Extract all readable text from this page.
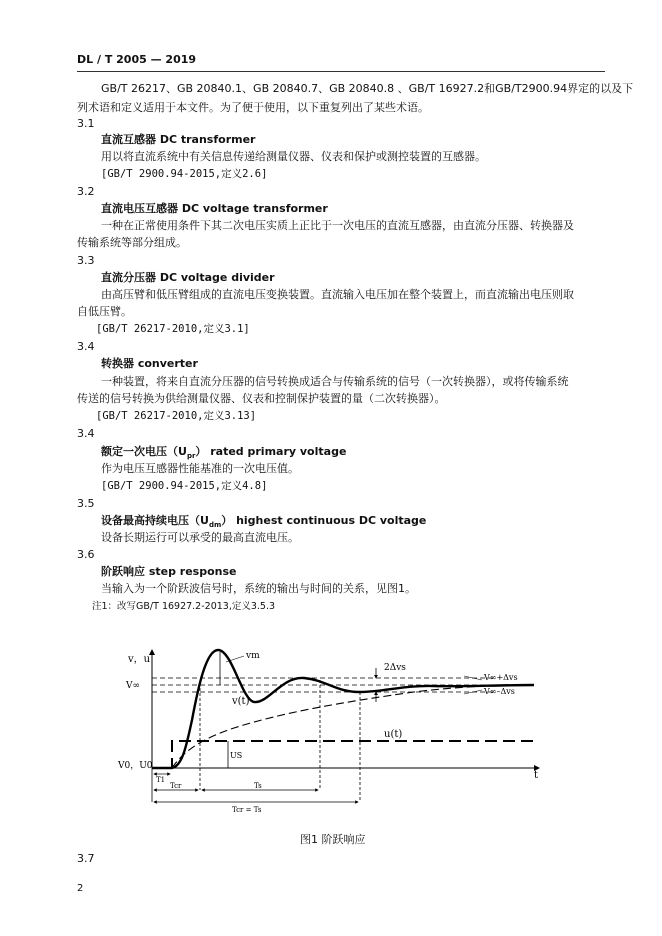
DL / T 2005 — 2019
GB/T 26217、GB 20840.1、GB 20840.7、GB 20840.8 、GB/T 16927.2和GB/T2900.94界定的以及下
列术语和定义适用于本文件。为了便于使用，以下重复列出了某些术语。
3.1
直流互感器 DC transformer
用以将直流系统中有关信息传递给测量仪器、仪表和保护或测控装置的互感器。
[GB/T 2900.94-2015,定义2.6]
3.2
直流电压互感器 DC voltage transformer
一种在正常使用条件下其二次电压实质上正比于一次电压的直流互感器，由直流分压器、转换器及
传输系统等部分组成。
3.3
直流分压器 DC voltage divider
由高压臂和低压臂组成的直流电压变换装置。直流输入电压加在整个装置上，而直流输出电压则取
自低压臂。
[GB/T 26217-2010,定义3.1]
3.4
转换器 converter
一种装置，将来自直流分压器的信号转换成适合与传输系统的信号（一次转换器），或将传输系统
传送的信号转换为供给测量仪器、仪表和控制保护装置的量（二次转换器）。
[GB/T 26217-2010,定义3.13]
3.4
额定一次电压$(U_{pr})$ rated primary voltage
作为电压互感器性能基准的一次电压值。
[GB/T 2900.94-2015,定义4.8]
3.5
设备最高持续电压$(U_{dm})$ highest continuous DC voltage
设备长期运行可以承受的最高直流电压。
3.6
阶跃响应 step response
当输入为一个阶跃波信号时，系统的输出与时间的关系，见图1。
注1：改写GB/T 16927.2-2013,定义3.5.3
v，u
t
V∞
V0，U0
vm
v(t)
u(t)
US
2Δvs
V∞+Δvs
V∞–Δvs
T1
Tcr	Ts
Tcr = Ts
图1 阶跃响应
3.7
2
